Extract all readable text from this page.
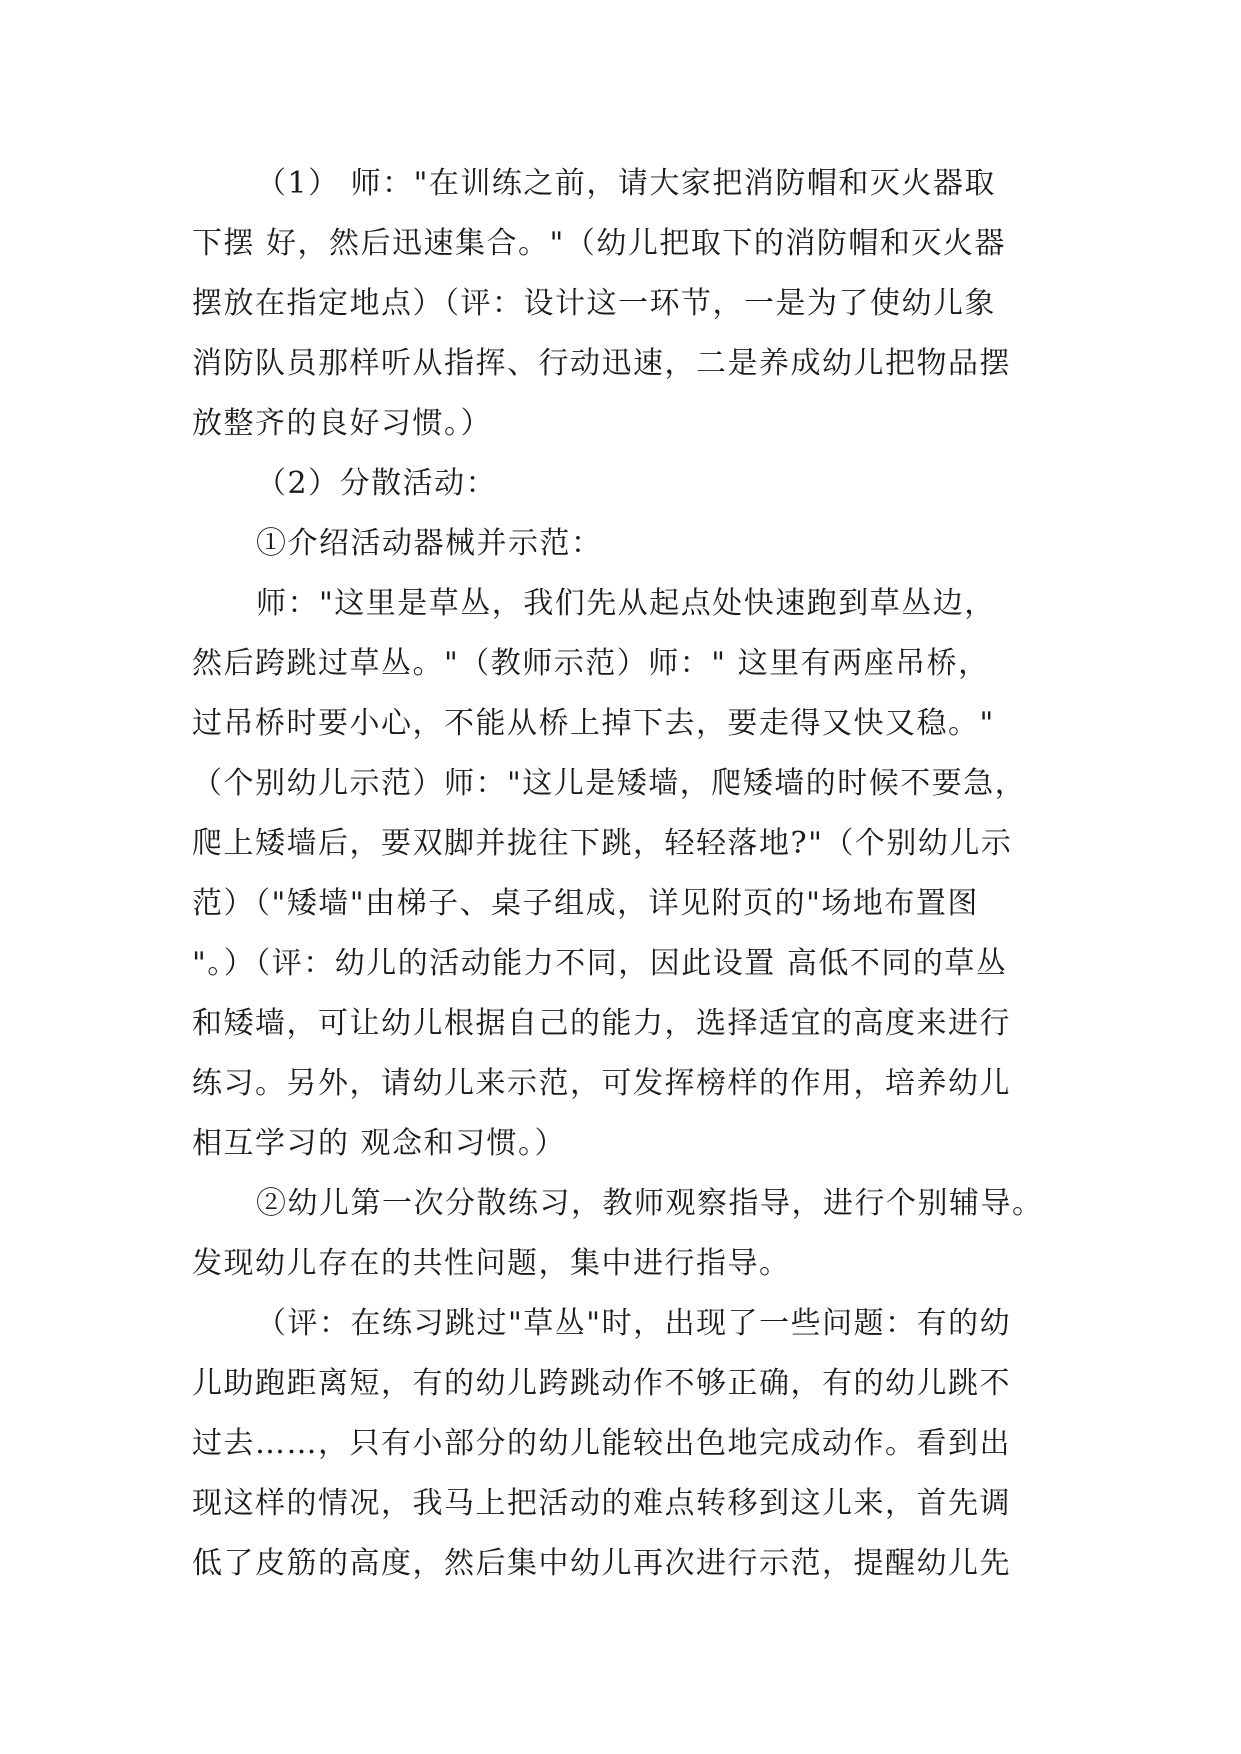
（1） 师："在训练之前，请大家把消防帽和灭火器取
下摆 好，然后迅速集合。"（幼儿把取下的消防帽和灭火器
摆放在指定地点）（评：设计这一环节，一是为了使幼儿象
消防队员那样听从指挥、行动迅速，二是养成幼儿把物品摆
放整齐的良好习惯。）
（2）分散活动：
①介绍活动器械并示范：
师："这里是草丛，我们先从起点处快速跑到草丛边，
然后跨跳过草丛。"（教师示范）师：" 这里有两座吊桥，
过吊桥时要小心，不能从桥上掉下去，要走得又快又稳。"
（个别幼儿示范）师："这儿是矮墙，爬矮墙的时候不要急，
爬上矮墙后，要双脚并拢往下跳，轻轻落地?"（个别幼儿示
范）（"矮墙"由梯子、桌子组成，详见附页的"场地布置图
"。）（评：幼儿的活动能力不同，因此设置 高低不同的草丛
和矮墙，可让幼儿根据自己的能力，选择适宜的高度来进行
练习。另外，请幼儿来示范，可发挥榜样的作用，培养幼儿
相互学习的 观念和习惯。）
②幼儿第一次分散练习，教师观察指导，进行个别辅导。
发现幼儿存在的共性问题，集中进行指导。
（评：在练习跳过"草丛"时，出现了一些问题：有的幼
儿助跑距离短，有的幼儿跨跳动作不够正确，有的幼儿跳不
过去……，只有小部分的幼儿能较出色地完成动作。看到出
现这样的情况，我马上把活动的难点转移到这儿来，首先调
低了皮筋的高度，然后集中幼儿再次进行示范，提醒幼儿先
